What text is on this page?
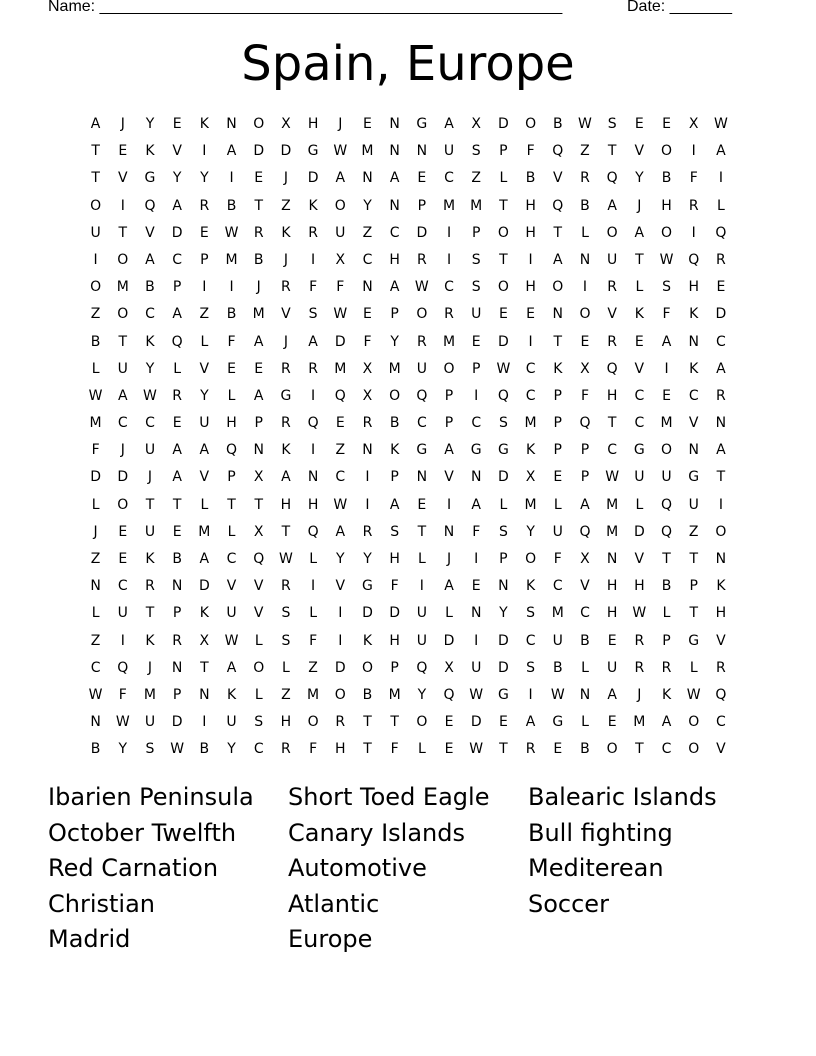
Name: ____________________________________________________	Date: _______
Spain, Europe
A	J	Y	E	K	N	O	X	H	J	E	N	G	A	X	D	O	B	W	S	E	E	X	W
T	E	K	V	I	A	D	D	G	W	M	N	N	U	S	P	F	Q	Z	T	V	O	I	A
T	V	G	Y	Y	I	E	J	D	A	N	A	E	C	Z	L	B	V	R	Q	Y	B	F	I
O	I	Q	A	R	B	T	Z	K	O	Y	N	P	M	M	T	H	Q	B	A	J	H	R	L
U	T	V	D	E	W	R	K	R	U	Z	C	D	I	P	O	H	T	L	O	A	O	I	Q
I	O	A	C	P	M	B	J	I	X	C	H	R	I	S	T	I	A	N	U	T	W	Q	R
O	M	B	P	I	I	J	R	F	F	N	A	W	C	S	O	H	O	I	R	L	S	H	E
Z	O	C	A	Z	B	M	V	S	W	E	P	O	R	U	E	E	N	O	V	K	F	K	D
B	T	K	Q	L	F	A	J	A	D	F	Y	R	M	E	D	I	T	E	R	E	A	N	C
L	U	Y	L	V	E	E	R	R	M	X	M	U	O	P	W	C	K	X	Q	V	I	K	A
W	A	W	R	Y	L	A	G	I	Q	X	O	Q	P	I	Q	C	P	F	H	C	E	C	R
M	C	C	E	U	H	P	R	Q	E	R	B	C	P	C	S	M	P	Q	T	C	M	V	N
F	J	U	A	A	Q	N	K	I	Z	N	K	G	A	G	G	K	P	P	C	G	O	N	A
D	D	J	A	V	P	X	A	N	C	I	P	N	V	N	D	X	E	P	W	U	U	G	T
L	O	T	T	L	T	T	H	H	W	I	A	E	I	A	L	M	L	A	M	L	Q	U	I
J	E	U	E	M	L	X	T	Q	A	R	S	T	N	F	S	Y	U	Q	M	D	Q	Z	O
Z	E	K	B	A	C	Q	W	L	Y	Y	H	L	J	I	P	O	F	X	N	V	T	T	N
N	C	R	N	D	V	V	R	I	V	G	F	I	A	E	N	K	C	V	H	H	B	P	K
L	U	T	P	K	U	V	S	L	I	D	D	U	L	N	Y	S	M	C	H	W	L	T	H
Z	I	K	R	X	W	L	S	F	I	K	H	U	D	I	D	C	U	B	E	R	P	G	V
C	Q	J	N	T	A	O	L	Z	D	O	P	Q	X	U	D	S	B	L	U	R	R	L	R
W	F	M	P	N	K	L	Z	M	O	B	M	Y	Q	W	G	I	W	N	A	J	K	W	Q
N	W	U	D	I	U	S	H	O	R	T	T	O	E	D	E	A	G	L	E	M	A	O	C
B	Y	S	W	B	Y	C	R	F	H	T	F	L	E	W	T	R	E	B	O	T	C	O	V
Ibarien Peninsula
October Twelfth
Red Carnation
Christian
Madrid
Short Toed Eagle
Canary Islands
Automotive
Atlantic
Europe
Balearic Islands
Bull fighting
Mediterean
Soccer
